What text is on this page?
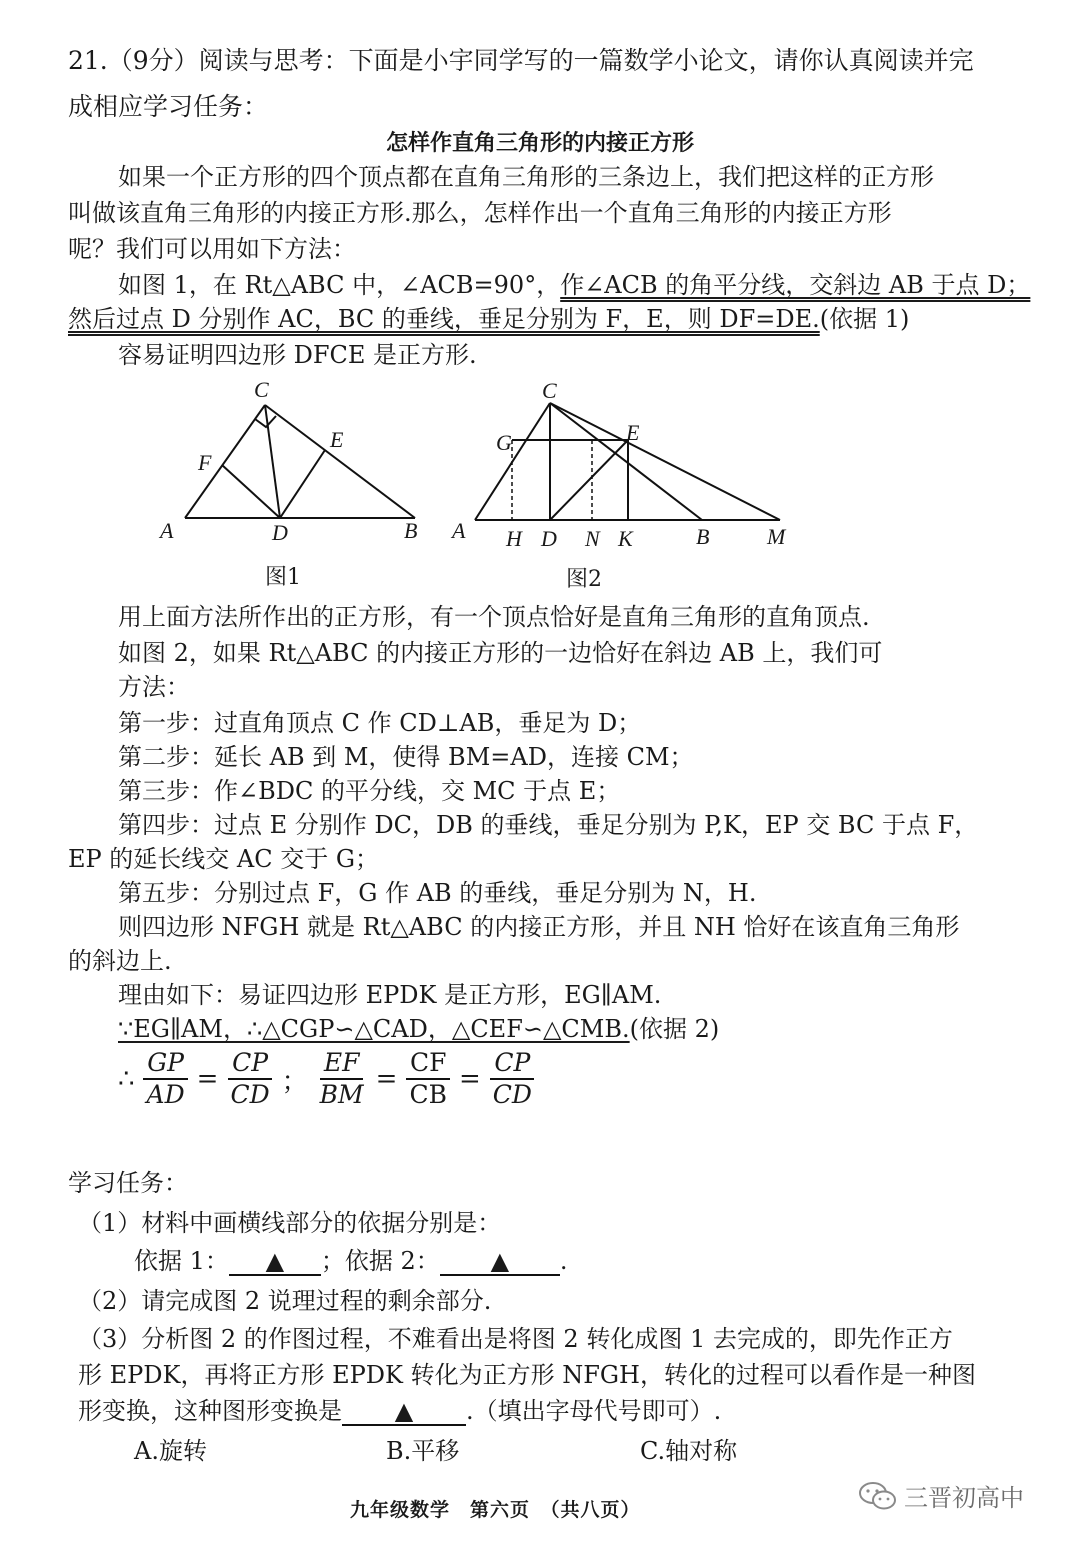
21.（9分）阅读与思考：下面是小宇同学写的一篇数学小论文，请你认真阅读并完
成相应学习任务：
怎样作直角三角形的内接正方形
如果一个正方形的四个顶点都在直角三角形的三条边上，我们把这样的正方形
叫做该直角三角形的内接正方形.那么，怎样作出一个直角三角形的内接正方形
呢？我们可以用如下方法：
如图 1，在 Rt△ABC 中，∠ACB=90°，作∠ACB 的角平分线，交斜边 AB 于点 D；
然后过点 D 分别作 AC，BC 的垂线，垂足分别为 F，E，则 DF=DE.(依据 1)
容易证明四边形 DFCE 是正方形.
C
F
E
A	D	B
图1
C
G	E
A H D N K	B	M
图2
用上面方法所作出的正方形，有一个顶点恰好是直角三角形的直角顶点.
如图 2，如果 Rt△ABC 的内接正方形的一边恰好在斜边 AB 上，我们可
方法：
第一步：过直角顶点 C 作 CD⊥AB，垂足为 D；
第二步：延长 AB 到 M，使得 BM=AD，连接 CM；
第三步：作∠BDC 的平分线，交 MC 于点 E；
第四步：过点 E 分别作 DC，DB 的垂线，垂足分别为 P,K，EP 交 BC 于点 F，
EP 的延长线交 AC 交于 G；
第五步：分别过点 F，G 作 AB 的垂线，垂足分别为 N，H.
则四边形 NFGH 就是 Rt△ABC 的内接正方形，并且 NH 恰好在该直角三角形
的斜边上.
理由如下：易证四边形 EPDK 是正方形，EG∥AM.
∵EG∥AM，∴△CGP∽△CAD，△CEF∽△CMB.(依据 2)
∴ $\frac{GP}{AD} = \frac{CP}{CD}$ ； $\frac{EF}{BM} = \frac{CF}{CB} = \frac{CP}{CD}$
学习任务：
（1）材料中画横线部分的依据分别是：
依据 1： ▲ ；依据 2： ▲ .
（2）请完成图 2 说理过程的剩余部分.
（3）分析图 2 的作图过程，不难看出是将图 2 转化成图 1 去完成的，即先作正方
形 EPDK，再将正方形 EPDK 转化为正方形 NFGH，转化的过程可以看作是一种图
形变换，这种图形变换是 ▲ .（填出字母代号即可）.
A.旋转	B.平移	C.轴对称
九年级数学　第六页　（共八页）	三晋初高中
